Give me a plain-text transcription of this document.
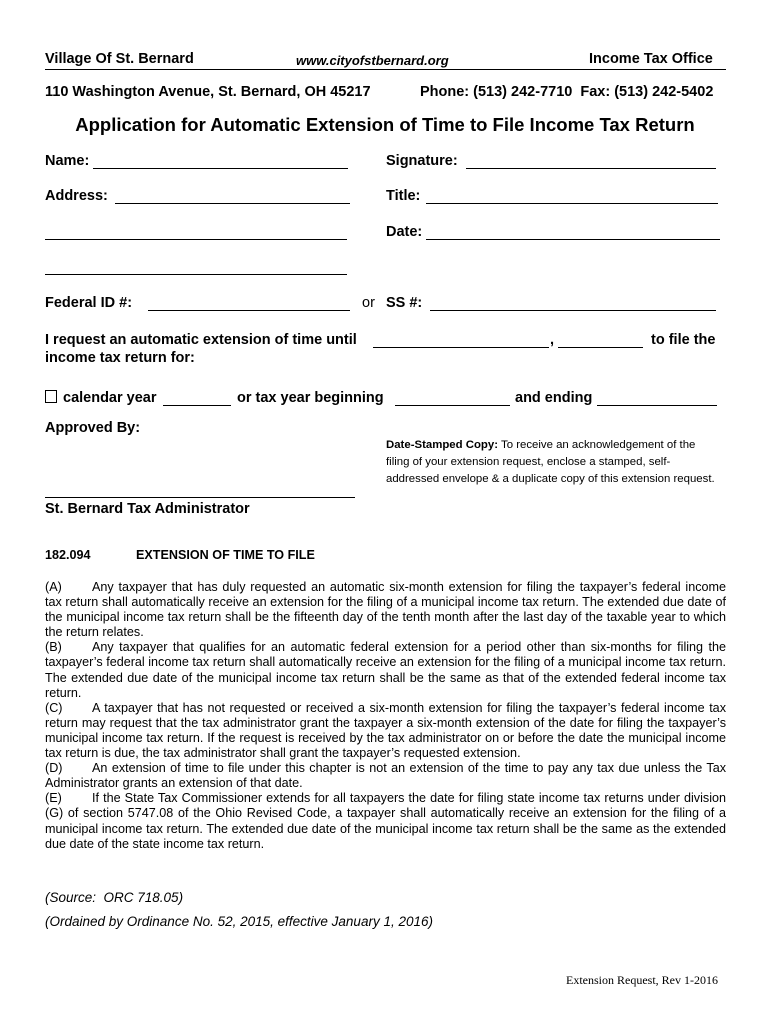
Village Of St. Bernard	www.cityofstbernard.org	Income Tax Office
110 Washington Avenue, St. Bernard, OH 45217	Phone: (513) 242-7710  Fax: (513) 242-5402
Application for Automatic Extension of Time to File Income Tax Return
Name:	Signature:
Address:	Title:
Date:
Federal ID #:	or SS #:
I request an automatic extension of time until	,	to file the
income tax return for:
calendar year	or tax year beginning	and ending
Approved By:
St. Bernard Tax Administrator
Date-Stamped Copy: To receive an acknowledgement of the filing of your extension request, enclose a stamped, self-addressed envelope & a duplicate copy of this extension request.
182.094	EXTENSION OF TIME TO FILE
(A) Any taxpayer that has duly requested an automatic six-month extension for filing the taxpayer’s federal income tax return shall automatically receive an extension for the filing of a municipal income tax return. The extended due date of the municipal income tax return shall be the fifteenth day of the tenth month after the last day of the taxable year to which the return relates.
(B) Any taxpayer that qualifies for an automatic federal extension for a period other than six-months for filing the taxpayer’s federal income tax return shall automatically receive an extension for the filing of a municipal income tax return. The extended due date of the municipal income tax return shall be the same as that of the extended federal income tax return.
(C) A taxpayer that has not requested or received a six-month extension for filing the taxpayer’s federal income tax return may request that the tax administrator grant the taxpayer a six-month extension of the date for filing the taxpayer’s municipal income tax return. If the request is received by the tax administrator on or before the date the municipal income tax return is due, the tax administrator shall grant the taxpayer’s requested extension.
(D) An extension of time to file under this chapter is not an extension of the time to pay any tax due unless the Tax Administrator grants an extension of that date.
(E) If the State Tax Commissioner extends for all taxpayers the date for filing state income tax returns under division (G) of section 5747.08 of the Ohio Revised Code, a taxpayer shall automatically receive an extension for the filing of a municipal income tax return. The extended due date of the municipal income tax return shall be the same as the extended due date of the state income tax return.
(Source:  ORC 718.05)
(Ordained by Ordinance No. 52, 2015, effective January 1, 2016)
Extension Request, Rev 1-2016
